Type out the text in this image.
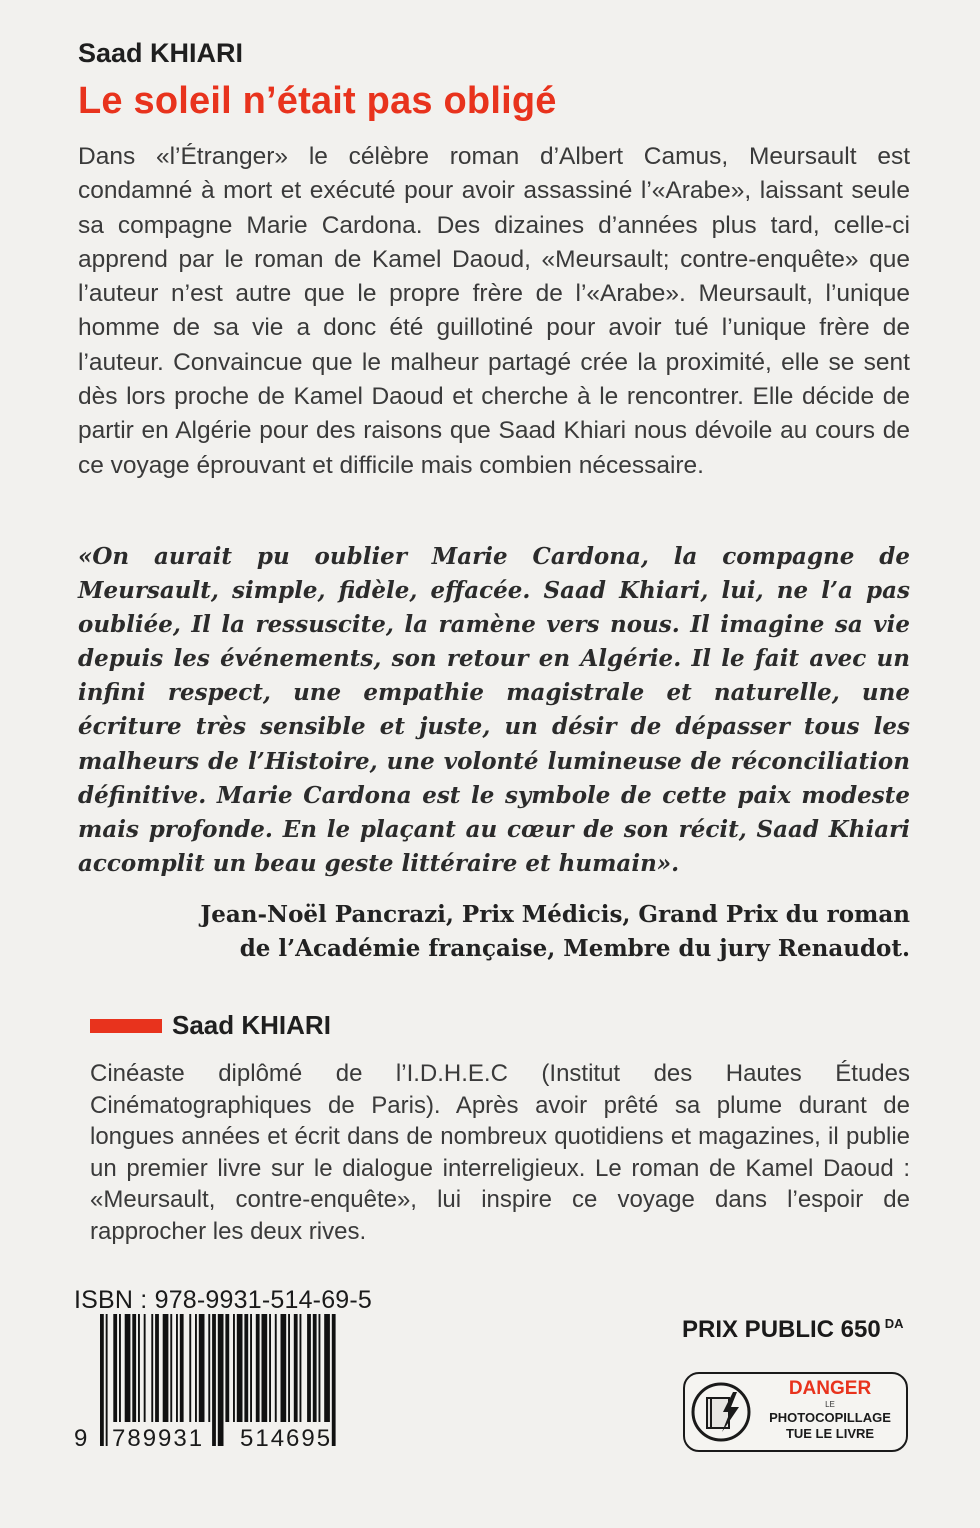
Saad KHIARI
Le soleil n’était pas obligé

Dans «l’Étranger» le célèbre roman d’Albert Camus, Meursault est condamné à mort et exécuté pour avoir assassiné l’«Arabe», laissant seule sa compagne Marie Cardona. Des dizaines d’années plus tard, celle-ci apprend par le roman de Kamel Daoud, «Meursault; contre-enquête» que l’auteur n’est autre que le propre frère de l’«Arabe». Meursault, l’unique homme de sa vie a donc été guillotiné pour avoir tué l’unique frère de l’auteur. Convaincue que le malheur partagé crée la proximité, elle se sent dès lors proche de Kamel Daoud et cherche à le rencontrer. Elle décide de partir en Algérie pour des raisons que Saad Khiari nous dévoile au cours de ce voyage éprouvant et difficile mais combien nécessaire.

«On aurait pu oublier Marie Cardona, la compagne de Meursault, simple, fidèle, effacée. Saad Khiari, lui, ne l’a pas oubliée, Il la ressuscite, la ramène vers nous. Il imagine sa vie depuis les événements, son retour en Algérie. Il le fait avec un infini respect, une empathie magistrale et naturelle, une écriture très sensible et juste, un désir de dépasser tous les malheurs de l’Histoire, une volonté lumineuse de réconciliation définitive. Marie Cardona est le symbole de cette paix modeste mais profonde. En le plaçant au cœur de son récit, Saad Khiari accomplit un beau geste littéraire et humain».

Jean-Noël Pancrazi, Prix Médicis, Grand Prix du roman
de l’Académie française, Membre du jury Renaudot.
Saad KHIARI

Cinéaste diplômé de l’I.D.H.E.C (Institut des Hautes Études Cinématographiques de Paris). Après avoir prêté sa plume durant de longues années et écrit dans de nombreux quotidiens et magazines, il publie un premier livre sur le dialogue interreligieux. Le roman de Kamel Daoud : «Meursault, contre-enquête», lui inspire ce voyage dans l’espoir de rapprocher les deux rives.

ISBN : 978-9931-514-69-5
9 789931 514695
PRIX PUBLIC 650 $^{DA}$
DANGER
LE
PHOTOCOPILLAGE
TUE LE LIVRE
